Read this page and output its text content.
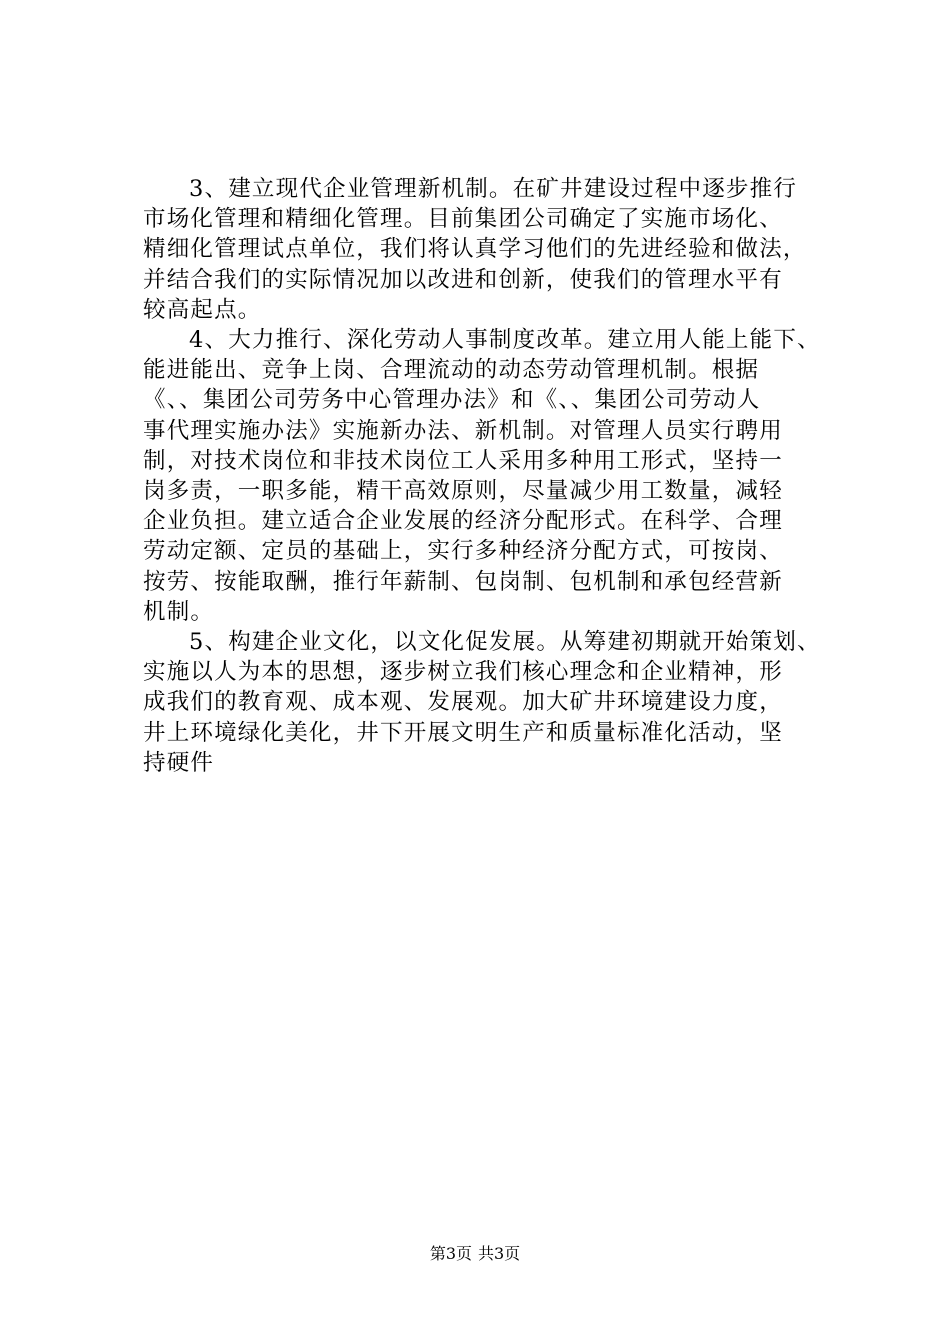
3、建立现代企业管理新机制。在矿井建设过程中逐步推行
市场化管理和精细化管理。目前集团公司确定了实施市场化、
精细化管理试点单位，我们将认真学习他们的先进经验和做法，
并结合我们的实际情况加以改进和创新，使我们的管理水平有
较高起点。

4、大力推行、深化劳动人事制度改革。建立用人能上能下、
能进能出、竞争上岗、合理流动的动态劳动管理机制。根据
《、、集团公司劳务中心管理办法》和《、、集团公司劳动人
事代理实施办法》实施新办法、新机制。对管理人员实行聘用
制，对技术岗位和非技术岗位工人采用多种用工形式，坚持一
岗多责，一职多能，精干高效原则，尽量减少用工数量，减轻
企业负担。建立适合企业发展的经济分配形式。在科学、合理
劳动定额、定员的基础上，实行多种经济分配方式，可按岗、
按劳、按能取酬，推行年薪制、包岗制、包机制和承包经营新
机制。

5、构建企业文化，以文化促发展。从筹建初期就开始策划、
实施以人为本的思想，逐步树立我们核心理念和企业精神，形
成我们的教育观、成本观、发展观。加大矿井环境建设力度，
井上环境绿化美化，井下开展文明生产和质量标准化活动，坚
持硬件

第3页 共3页
